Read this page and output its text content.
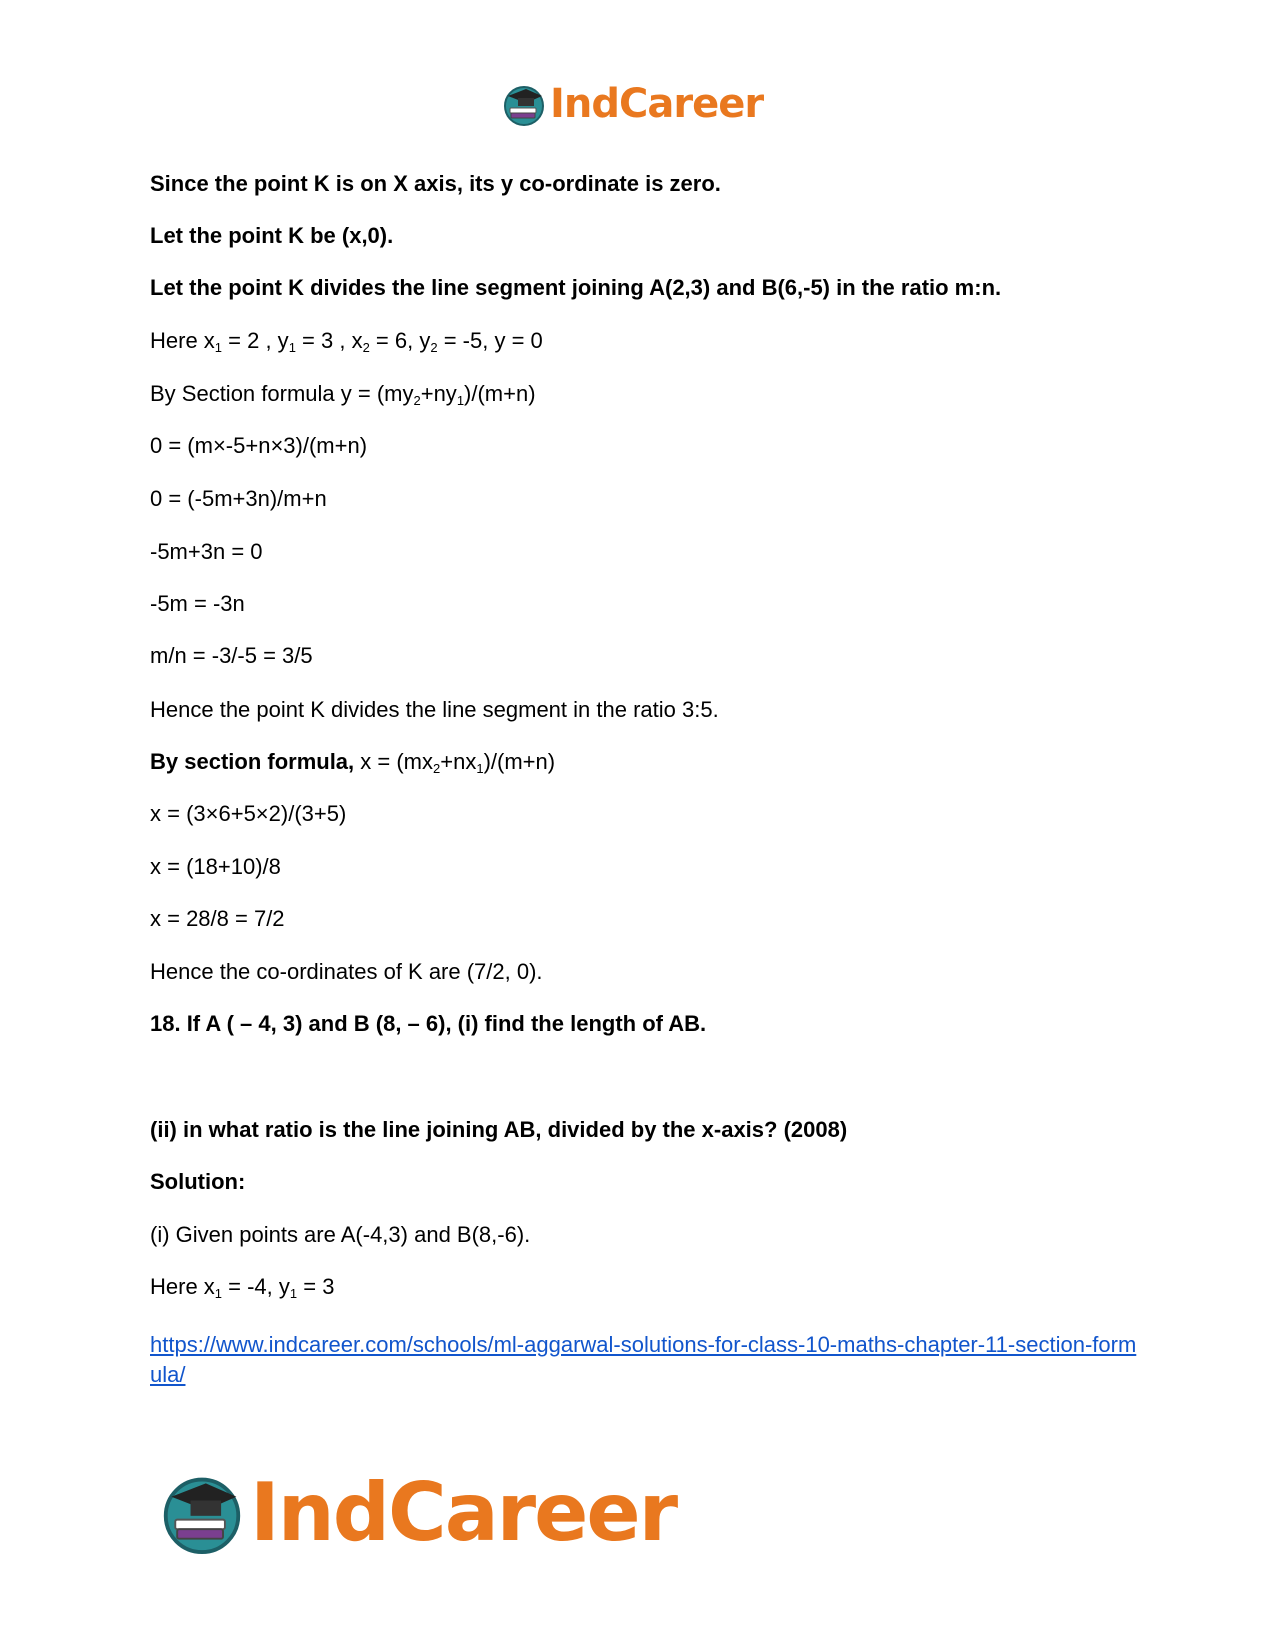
IndCareer
Since the point K is on X axis, its y co-ordinate is zero.
Let the point K be (x,0).
Let the point K divides the line segment joining A(2,3) and B(6,-5) in the ratio m:n.
Here $x_1 = 2$ , $y_1 = 3$ , $x_2 = 6$, $y_2 = -5$, y = 0
By Section formula $y = (my_2+ny_1)/(m+n)$
0 = (m×-5+n×3)/(m+n)
0 = (-5m+3n)/m+n
-5m+3n = 0
-5m = -3n
m/n = -3/-5 = 3/5
Hence the point K divides the line segment in the ratio 3:5.
By section formula, $x = (mx_2+nx_1)/(m+n)$
x = (3×6+5×2)/(3+5)
x = (18+10)/8
x = 28/8 = 7/2
Hence the co-ordinates of K are (7/2, 0).
18. If A ( – 4, 3) and B (8, – 6), (i) find the length of AB.
(ii) in what ratio is the line joining AB, divided by the x-axis? (2008)
Solution:
(i) Given points are A(-4,3) and B(8,-6).
Here $x_1 = -4$, $y_1 = 3$
https://www.indcareer.com/schools/ml-aggarwal-solutions-for-class-10-maths-chapter-11-section-formula/
IndCareer
